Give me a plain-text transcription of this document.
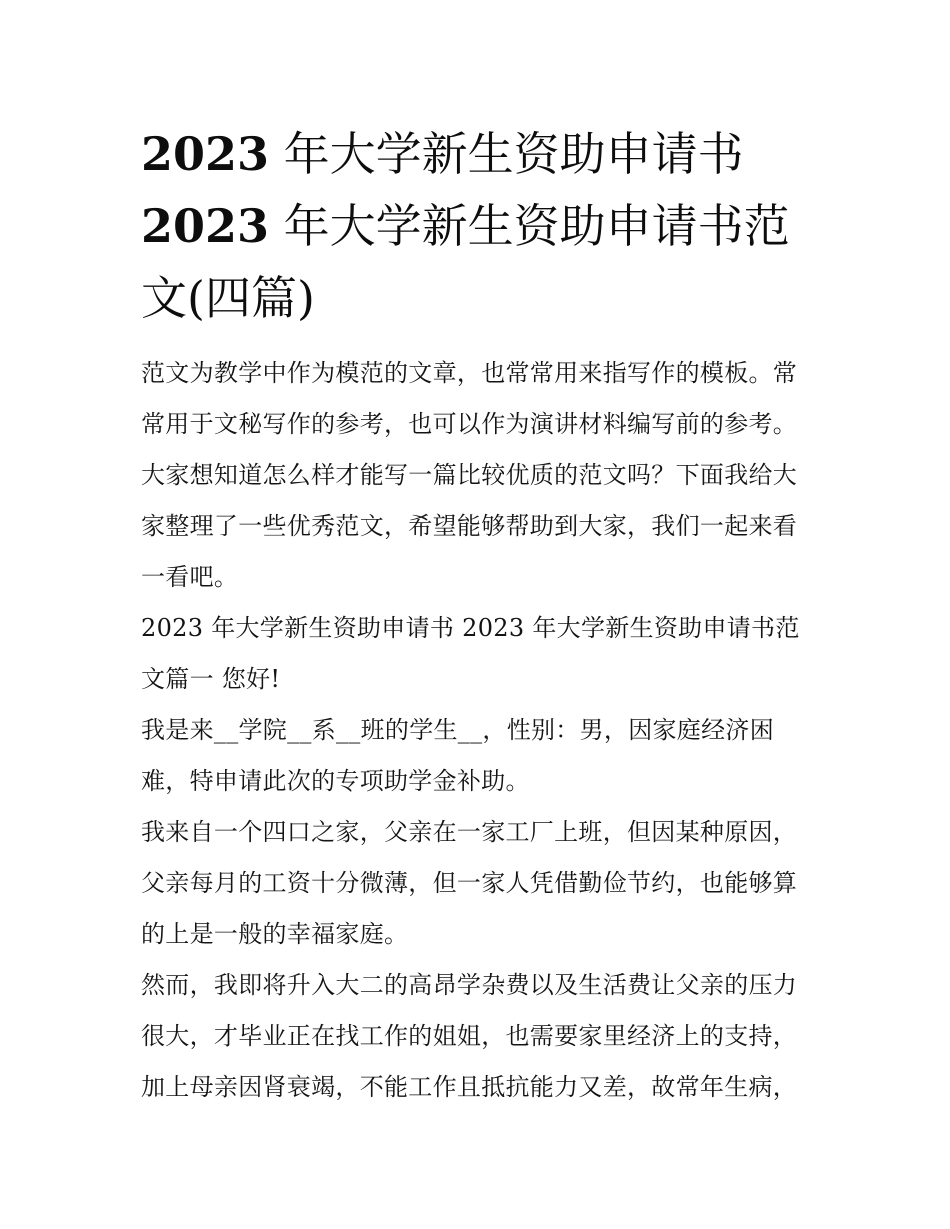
2023 年大学新生资助申请书
2023 年大学新生资助申请书范
文(四篇)

范文为教学中作为模范的文章，也常常用来指写作的模板。常常用于文秘写作的参考，也可以作为演讲材料编写前的参考。大家想知道怎么样才能写一篇比较优质的范文吗？下面我给大家整理了一些优秀范文，希望能够帮助到大家，我们一起来看一看吧。

2023 年大学新生资助申请书 2023 年大学新生资助申请书范文篇一 您好!

我是来__学院__系__班的学生__，性别：男，因家庭经济困难，特申请此次的专项助学金补助。

我来自一个四口之家，父亲在一家工厂上班，但因某种原因，父亲每月的工资十分微薄，但一家人凭借勤俭节约，也能够算的上是一般的幸福家庭。

然而，我即将升入大二的高昂学杂费以及生活费让父亲的压力很大，才毕业正在找工作的姐姐，也需要家里经济上的支持，加上母亲因肾衰竭，不能工作且抵抗能力又差，故常年生病，
